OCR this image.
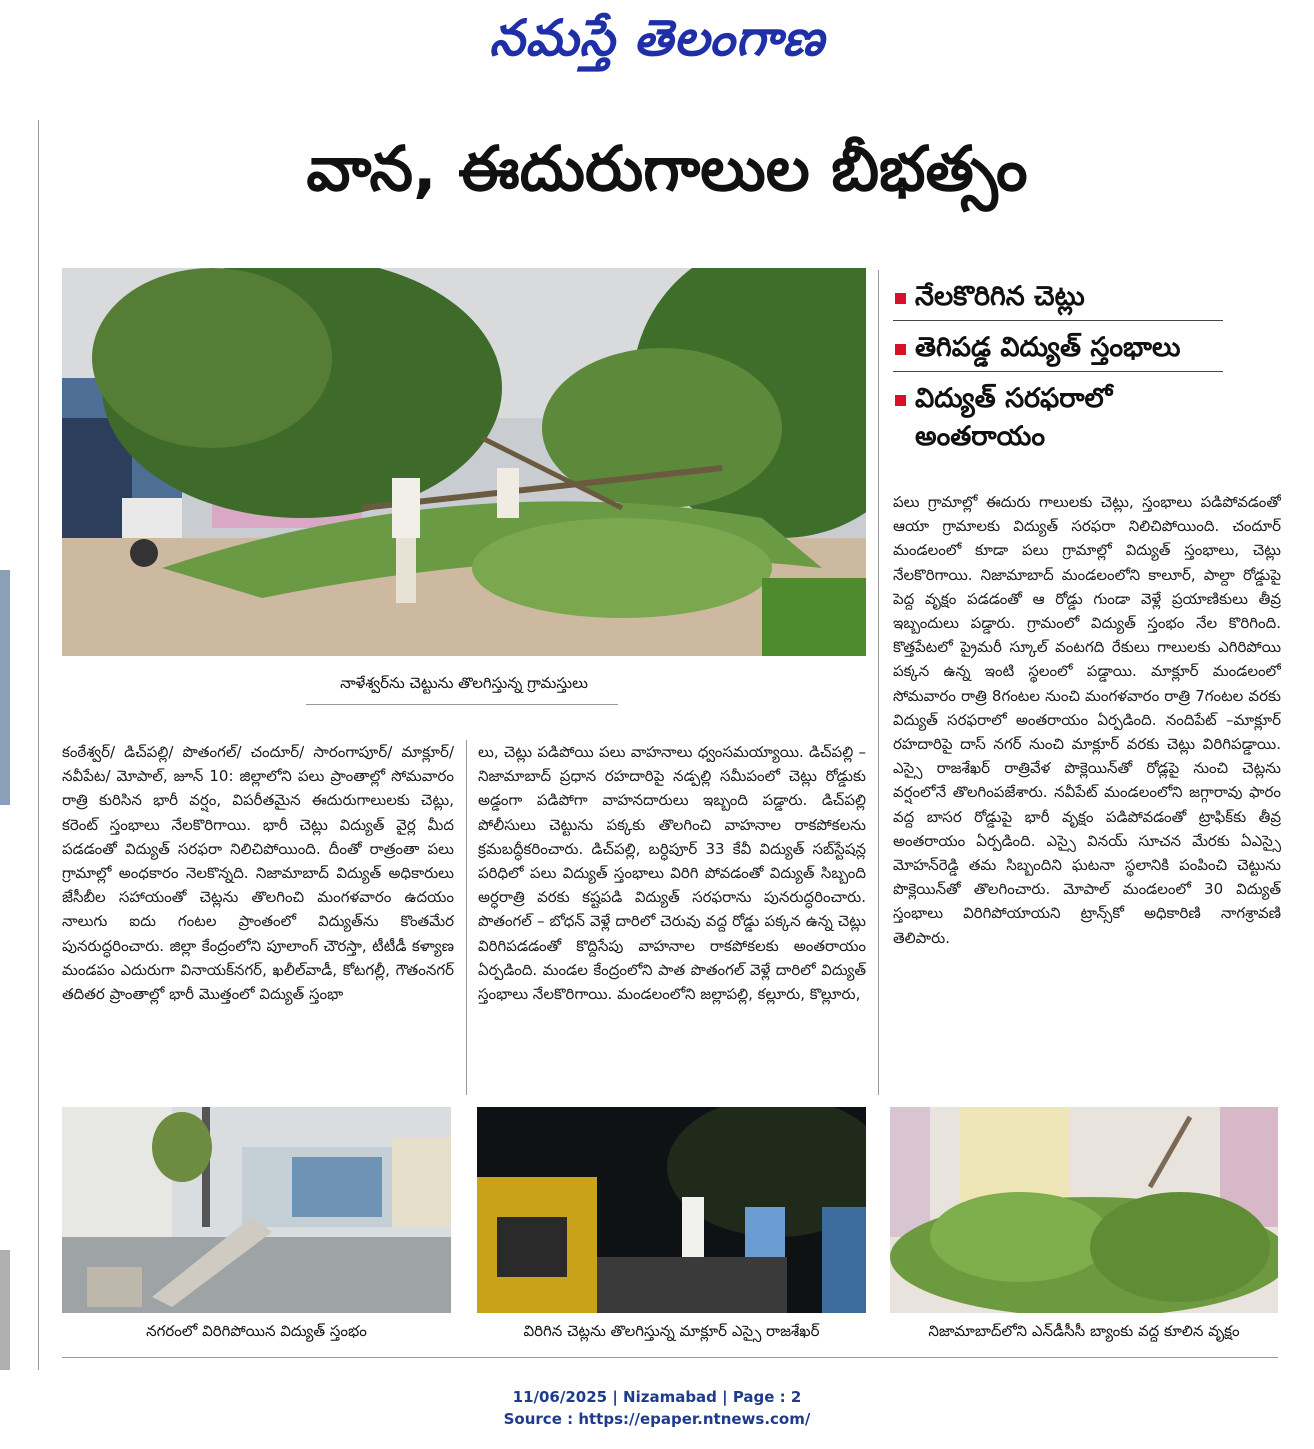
నమస్తే తెలంగాణ
వాన, ఈదురుగాలుల బీభత్సం
నాళేశ్వర్‌ను చెట్టును తొలగిస్తున్న గ్రామస్తులు
నేలకొరిగిన చెట్లు
తెగిపడ్డ విద్యుత్ స్తంభాలు
విద్యుత్ సరఫరాలో అంతరాయం

కంఠేశ్వర్/ డిచ్‌పల్లి/ పొతంగల్/ చందూర్/ సారంగాపూర్/ మాక్లూర్/ నవీపేట/ మోపాల్, జూన్ 10: జిల్లాలోని పలు ప్రాంతాల్లో సోమవారం రాత్రి కురిసిన భారీ వర్షం, విపరీతమైన ఈదురుగాలులకు చెట్లు, కరెంట్ స్తంభాలు నేలకొరిగాయి. భారీ చెట్లు విద్యుత్ వైర్ల మీద పడడంతో విద్యుత్ సరఫరా నిలిచిపోయింది. దీంతో రాత్రంతా పలు గ్రామాల్లో అంధకారం నెలకొన్నది. నిజామాబాద్ విద్యుత్ అధికారులు జేసీబీల సహాయంతో చెట్లను తొలగించి మంగళవారం ఉదయం నాలుగు ఐదు గంటల ప్రాంతంలో విద్యుత్‌ను కొంతమేర పునరుద్ధరించారు. జిల్లా కేంద్రంలోని పూలాంగ్ చౌరస్తా, టీటీడీ కళ్యాణ మండపం ఎదురుగా వినాయక్‌నగర్, ఖలీల్‌వాడీ, కోటగల్లీ, గౌతంనగర్ తదితర ప్రాంతాల్లో భారీ మొత్తంలో విద్యుత్ స్తంభా

లు, చెట్లు పడిపోయి పలు వాహనాలు ధ్వంసమయ్యాయి. డిచ్‌పల్లి – నిజామాబాద్ ప్రధాన రహదారిపై నడ్పల్లి సమీపంలో చెట్లు రోడ్డుకు అడ్డంగా పడిపోగా వాహనదారులు ఇబ్బంది పడ్డారు. డిచ్‌పల్లి పోలీసులు చెట్టును పక్కకు తొలగించి వాహనాల రాకపోకలను క్రమబద్ధీకరించారు. డిచ్‌పల్లి, బర్ధిపూర్ 33 కేవీ విద్యుత్ సబ్‌స్టేషన్ల పరిధిలో పలు విద్యుత్ స్తంభాలు విరిగి పోవడంతో విద్యుత్ సిబ్బంది అర్ధరాత్రి వరకు కష్టపడి విద్యుత్ సరఫరాను పునరుద్ధరించారు. పొతంగల్ – బోధన్ వెళ్లే దారిలో చెరువు వద్ద రోడ్డు పక్కన ఉన్న చెట్లు విరిగిపడడంతో కొద్దిసేపు వాహనాల రాకపోకలకు అంతరాయం ఏర్పడింది. మండల కేంద్రంలోని పాత పొతంగల్ వెళ్లే దారిలో విద్యుత్ స్తంభాలు నేలకొరిగాయి. మండలంలోని జల్లాపల్లి, కల్లూరు, కొల్లూరు,

పలు గ్రామాల్లో ఈదురు గాలులకు చెట్లు, స్తంభాలు పడిపోవడంతో ఆయా గ్రామాలకు విద్యుత్ సరఫరా నిలిచిపోయింది. చందూర్ మండలంలో కూడా పలు గ్రామాల్లో విద్యుత్ స్తంభాలు, చెట్లు నేలకొరిగాయి. నిజామాబాద్ మండలంలోని కాలూర్, పాల్దా రోడ్డుపై పెద్ద వృక్షం పడడంతో ఆ రోడ్డు గుండా వెళ్లే ప్రయాణికులు తీవ్ర ఇబ్బందులు పడ్డారు. గ్రామంలో విద్యుత్ స్తంభం నేల కొరిగింది. కొత్తపేటలో ప్రైమరీ స్కూల్ వంటగది రేకులు గాలులకు ఎగిరిపోయి పక్కన ఉన్న ఇంటి స్థలంలో పడ్డాయి. మాక్లూర్ మండలంలో సోమవారం రాత్రి 8గంటల నుంచి మంగళవారం రాత్రి 7గంటల వరకు విద్యుత్ సరఫరాలో అంతరాయం ఏర్పడింది. నందిపేట్ –మాక్లూర్ రహదారిపై దాస్ నగర్ నుంచి మాక్లూర్ వరకు చెట్లు విరిగిపడ్డాయి. ఎస్సై రాజశేఖర్ రాత్రివేళ పొక్లెయిన్‌తో రోడ్లపై నుంచి చెట్లను వర్షంలోనే తొలగింపజేశారు. నవీపేట్ మండలంలోని జగ్గారావు ఫారం వద్ద బాసర రోడ్డుపై భారీ వృక్షం పడిపోవడంతో ట్రాఫిక్‌కు తీవ్ర అంతరాయం ఏర్పడింది. ఎస్సై వినయ్ సూచన మేరకు ఏఎస్సై మోహన్‌రెడ్డి తమ సిబ్బందిని ఘటనా స్థలానికి పంపించి చెట్టును పొక్లెయిన్‌తో తొలగించారు. మోపాల్ మండలంలో 30 విద్యుత్ స్తంభాలు విరిగిపోయాయని ట్రాన్స్‌కో అధికారిణి నాగశ్రావణి తెలిపారు.

నగరంలో విరిగిపోయిన విద్యుత్ స్తంభం	విరిగిన చెట్లను తొలగిస్తున్న మాక్లూర్ ఎస్సై రాజశేఖర్	నిజామాబాద్‌లోని ఎన్‌డీసీసీ బ్యాంకు వద్ద కూలిన వృక్షం
11/06/2025 | Nizamabad | Page : 2
Source : https://epaper.ntnews.com/
